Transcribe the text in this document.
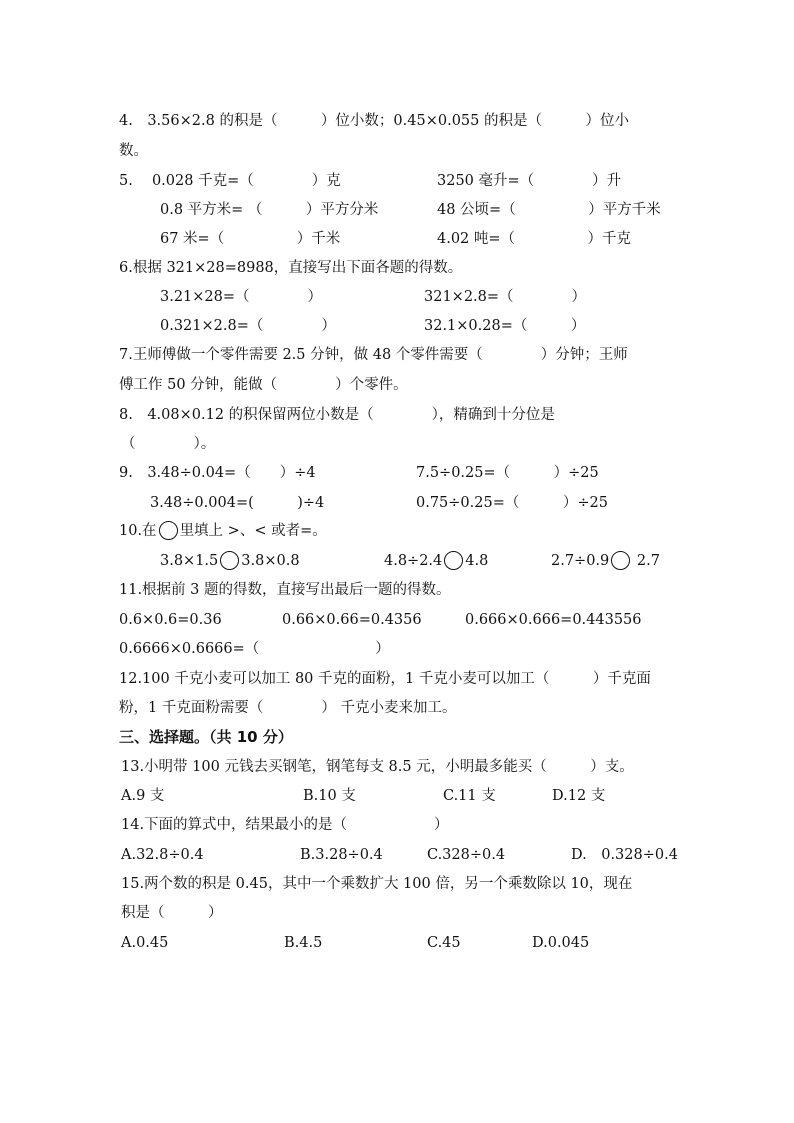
4.　3.56×2.8 的积是（　　　）位小数；0.45×0.055 的积是（　　　）位小
数。
5.　 0.028 千克=（　　　　）克	3250 毫升=（　　　　）升
0.8 平方米= （　　　）平方分米	48 公顷=（　　　　　）平方千米
67 米=（　　　　　）千米	4.02 吨=（　　　　　）千克
6.根据 321×28=8988，直接写出下面各题的得数。
3.21×28=（　　　　）	321×2.8=（　　　　）
0.321×2.8=（　　　　）	32.1×0.28=（　　　）
7.王师傅做一个零件需要 2.5 分钟，做 48 个零件需要（　　　　）分钟；王师
傅工作 50 分钟，能做（　　　　）个零件。
8.　4.08×0.12 的积保留两位小数是（　　　　），精确到十分位是
（　　　　）。
9.　3.48÷0.04=（　　）÷4	7.5÷0.25=（　　　）÷25
3.48÷0.004=(　　　)÷4	0.75÷0.25=（　　　）÷25
10.在 里填上 >、< 或者=。
3.8×1.5 3.8×0.8	4.8÷2.4 4.8	2.7÷0.9 2.7
11.根据前 3 题的得数，直接写出最后一题的得数。
0.6×0.6=0.36	0.66×0.66=0.4356	0.666×0.666=0.443556
0.6666×0.6666=（　　　　　　　　）
12.100 千克小麦可以加工 80 千克的面粉，1 千克小麦可以加工（　　　）千克面
粉，1 千克面粉需要（　　　　） 千克小麦来加工。
三、选择题。（共 10 分）
13.小明带 100 元钱去买钢笔，钢笔每支 8.5 元，小明最多能买（　　　）支。
A.9 支	B.10 支	C.11 支	D.12 支
14.下面的算式中，结果最小的是（　　　　　　）
A.32.8÷0.4	B.3.28÷0.4	C.328÷0.4	D.　0.328÷0.4
15.两个数的积是 0.45，其中一个乘数扩大 100 倍，另一个乘数除以 10，现在
积是（　　　）
A.0.45	B.4.5	C.45	D.0.045
